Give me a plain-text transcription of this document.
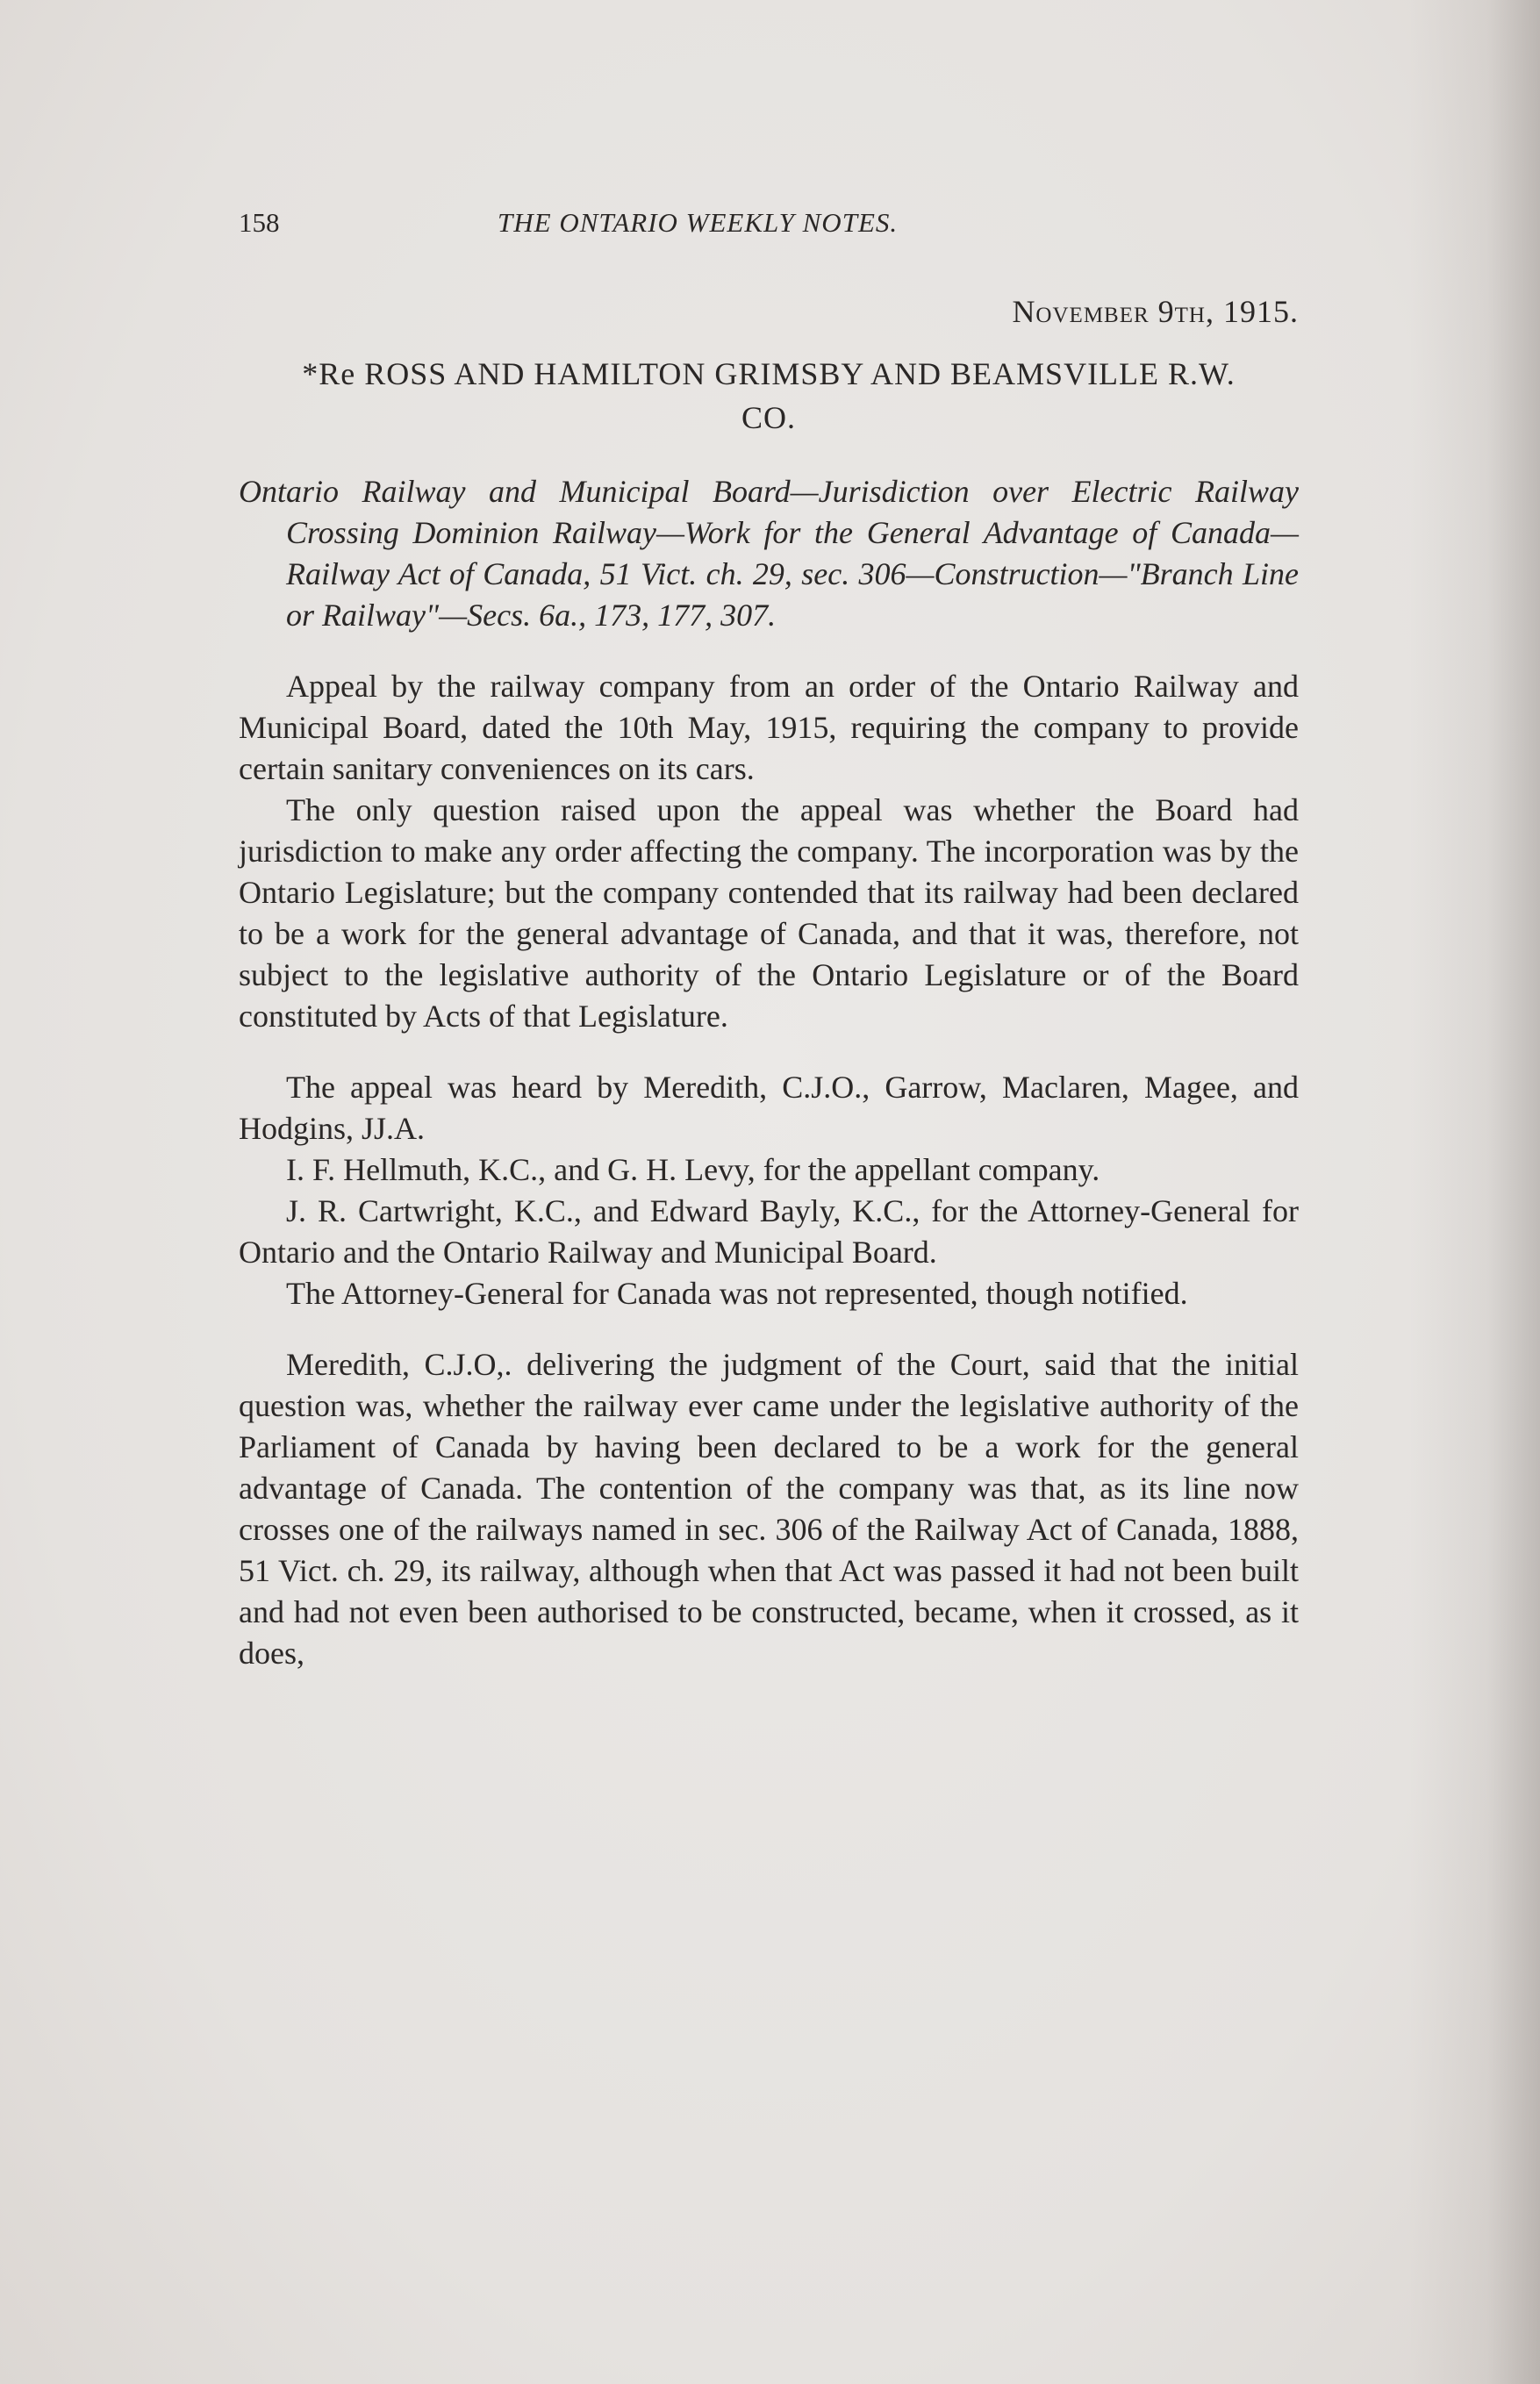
158	THE ONTARIO WEEKLY NOTES.
November 9th, 1915.
*Re ROSS AND HAMILTON GRIMSBY AND BEAMSVILLE R.W. CO.
Ontario Railway and Municipal Board—Jurisdiction over Electric Railway Crossing Dominion Railway—Work for the General Advantage of Canada—Railway Act of Canada, 51 Vict. ch. 29, sec. 306—Construction—"Branch Line or Railway"—Secs. 6a., 173, 177, 307.

Appeal by the railway company from an order of the Ontario Railway and Municipal Board, dated the 10th May, 1915, requiring the company to provide certain sanitary conveniences on its cars.

The only question raised upon the appeal was whether the Board had jurisdiction to make any order affecting the company. The incorporation was by the Ontario Legislature; but the company contended that its railway had been declared to be a work for the general advantage of Canada, and that it was, therefore, not subject to the legislative authority of the Ontario Legislature or of the Board constituted by Acts of that Legislature.

The appeal was heard by Meredith, C.J.O., Garrow, Maclaren, Magee, and Hodgins, JJ.A.

I. F. Hellmuth, K.C., and G. H. Levy, for the appellant company.

J. R. Cartwright, K.C., and Edward Bayly, K.C., for the Attorney-General for Ontario and the Ontario Railway and Municipal Board.

The Attorney-General for Canada was not represented, though notified.

Meredith, C.J.O,. delivering the judgment of the Court, said that the initial question was, whether the railway ever came under the legislative authority of the Parliament of Canada by having been declared to be a work for the general advantage of Canada. The contention of the company was that, as its line now crosses one of the railways named in sec. 306 of the Railway Act of Canada, 1888, 51 Vict. ch. 29, its railway, although when that Act was passed it had not been built and had not even been authorised to be constructed, became, when it crossed, as it does,
